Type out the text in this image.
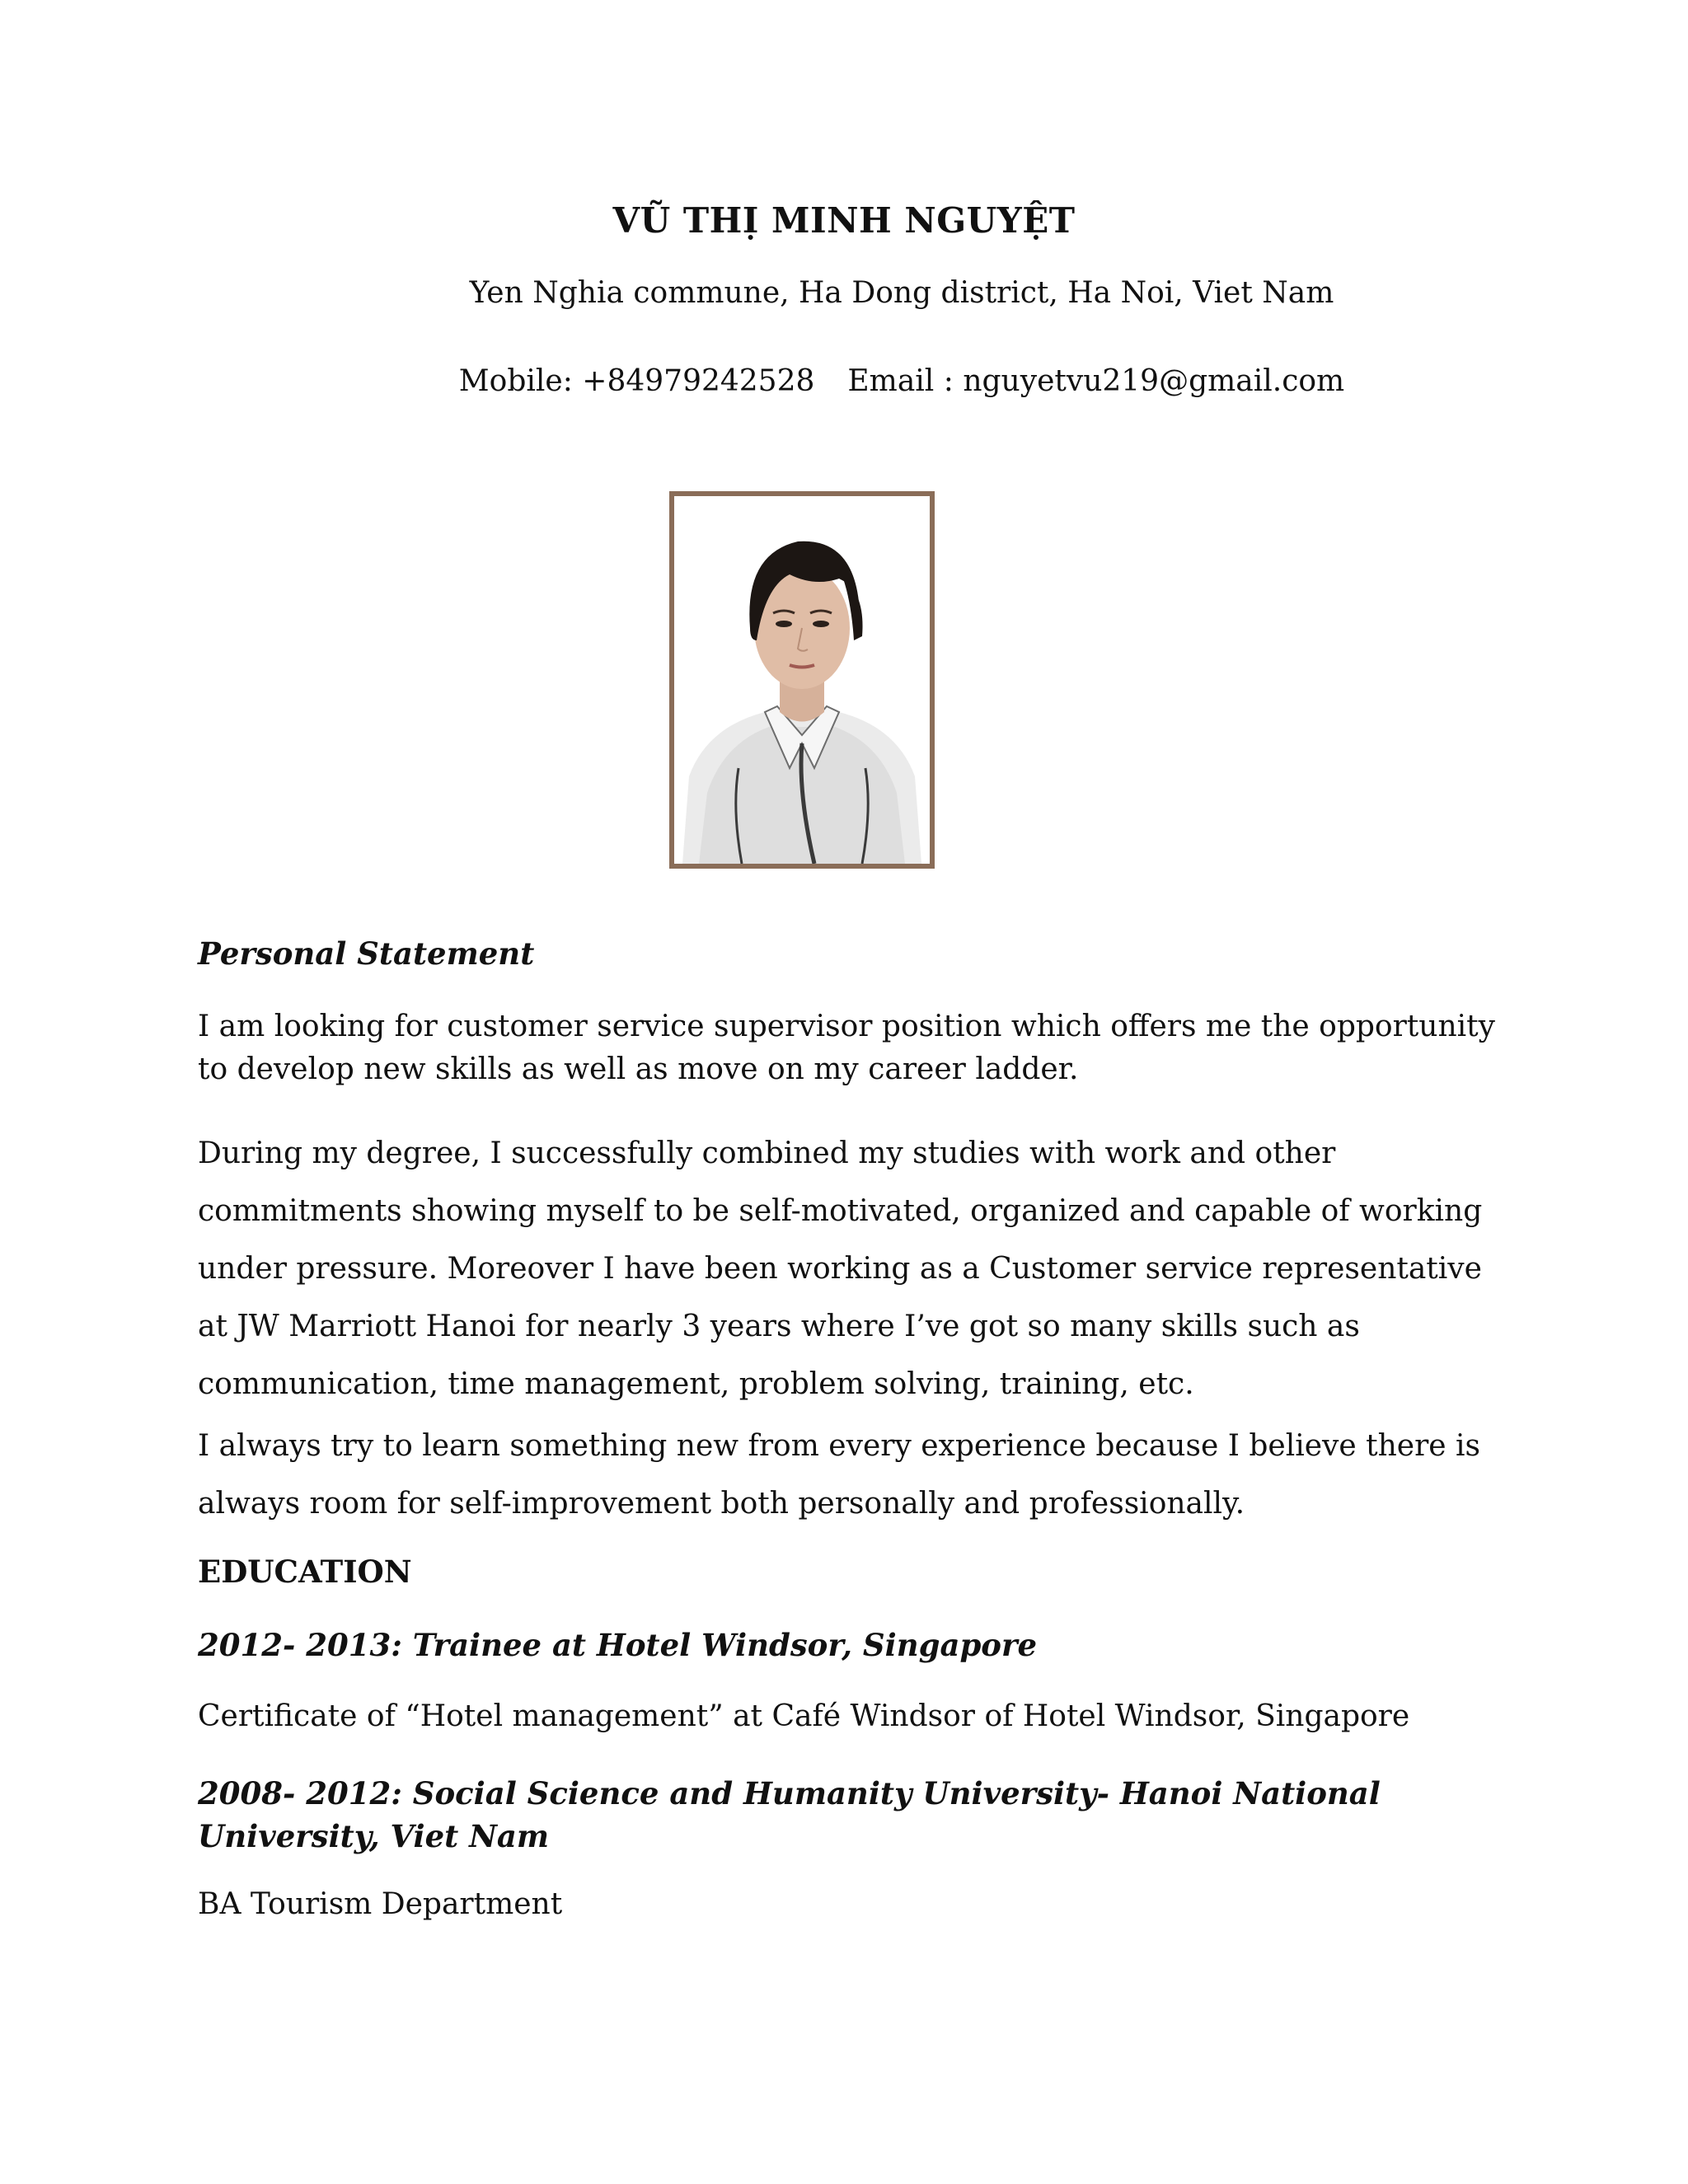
VŨ THỊ MINH NGUYỆT
Yen Nghia commune, Ha Dong district, Ha Noi, Viet Nam
Mobile: +84979242528 Email : nguyetvu219@gmail.com
Personal Statement
I am looking for customer service supervisor position which offers me the opportunity to develop new skills as well as move on my career ladder.
During my degree, I successfully combined my studies with work and other commitments showing myself to be self-motivated, organized and capable of working under pressure. Moreover I have been working as a Customer service representative at JW Marriott Hanoi for nearly 3 years where I’ve got so many skills such as communication, time management, problem solving, training, etc.
I always try to learn something new from every experience because I believe there is always room for self-improvement both personally and professionally.
EDUCATION
2012- 2013: Trainee at Hotel Windsor, Singapore
Certificate of “Hotel management” at Café Windsor of Hotel Windsor, Singapore
2008- 2012: Social Science and Humanity University- Hanoi National University, Viet Nam
BA Tourism Department
